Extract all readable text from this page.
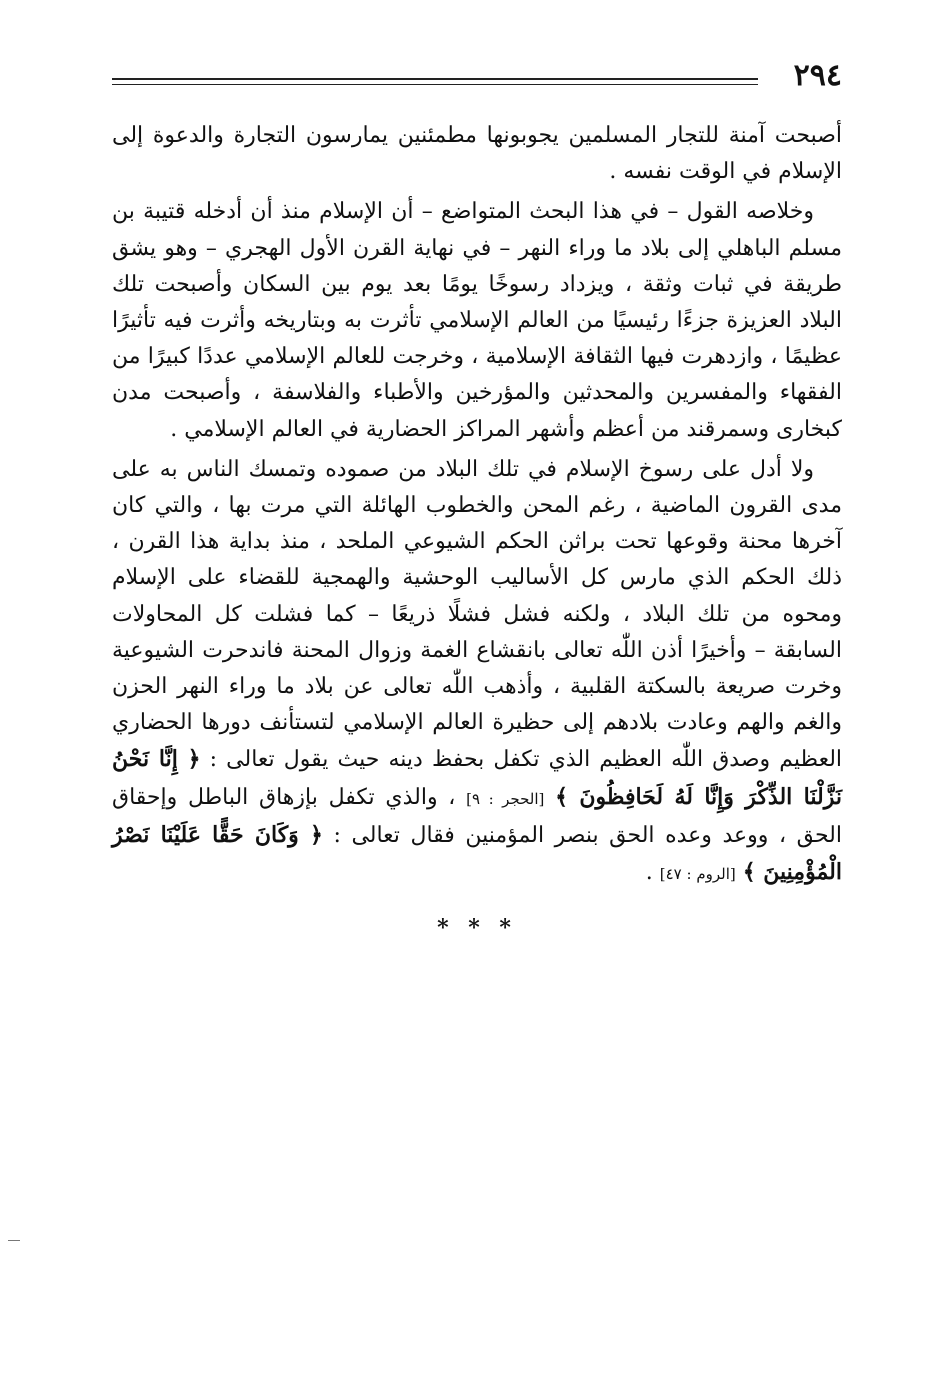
٢٩٤

أصبحت آمنة للتجار المسلمين يجوبونها مطمئنين يمارسون التجارة والدعوة إلى الإسلام في الوقت نفسه .

وخلاصه القول – في هذا البحث المتواضع – أن الإسلام منذ أن أدخله قتيبة بن مسلم الباهلي إلى بلاد ما وراء النهر – في نهاية القرن الأول الهجري – وهو يشق طريقة في ثبات وثقة ، ويزداد رسوخًا يومًا بعد يوم بين السكان وأصبحت تلك البلاد العزيزة جزءًا رئيسيًا من العالم الإسلامي تأثرت به وبتاريخه وأثرت فيه تأثيرًا عظيمًا ، وازدهرت فيها الثقافة الإسلامية ، وخرجت للعالم الإسلامي عددًا كبيرًا من الفقهاء والمفسرين والمحدثين والمؤرخين والأطباء والفلاسفة ، وأصبحت مدن كبخارى وسمرقند من أعظم وأشهر المراكز الحضارية في العالم الإسلامي .

ولا أدل على رسوخ الإسلام في تلك البلاد من صموده وتمسك الناس به على مدى القرون الماضية ، رغم المحن والخطوب الهائلة التي مرت بها ، والتي كان آخرها محنة وقوعها تحت براثن الحكم الشيوعي الملحد ، منذ بداية هذا القرن ، ذلك الحكم الذي مارس كل الأساليب الوحشية والهمجية للقضاء على الإسلام ومحوه من تلك البلاد ، ولكنه فشل فشلًا ذريعًا – كما فشلت كل المحاولات السابقة – وأخيرًا أذن اللّٰه تعالى بانقشاع الغمة وزوال المحنة فاندحرت الشيوعية وخرت صريعة بالسكتة القلبية ، وأذهب اللّٰه تعالى عن بلاد ما وراء النهر الحزن والغم والهم وعادت بلادهم إلى حظيرة العالم الإسلامي لتستأنف دورها الحضاري العظيم وصدق اللّٰه العظيم الذي تكفل بحفظ دينه حيث يقول تعالى : ﴿ إِنَّا نَحْنُ نَزَّلْنَا الذِّكْرَ وَإِنَّا لَهُ لَحَافِظُونَ ﴾ [الحجر : ٩] ، والذي تكفل بإزهاق الباطل وإحقاق الحق ، ووعد وعده الحق بنصر المؤمنين فقال تعالى : ﴿ وَكَانَ حَقًّا عَلَيْنَا نَصْرُ الْمُؤْمِنِينَ ﴾ [الروم : ٤٧] .

* * *
